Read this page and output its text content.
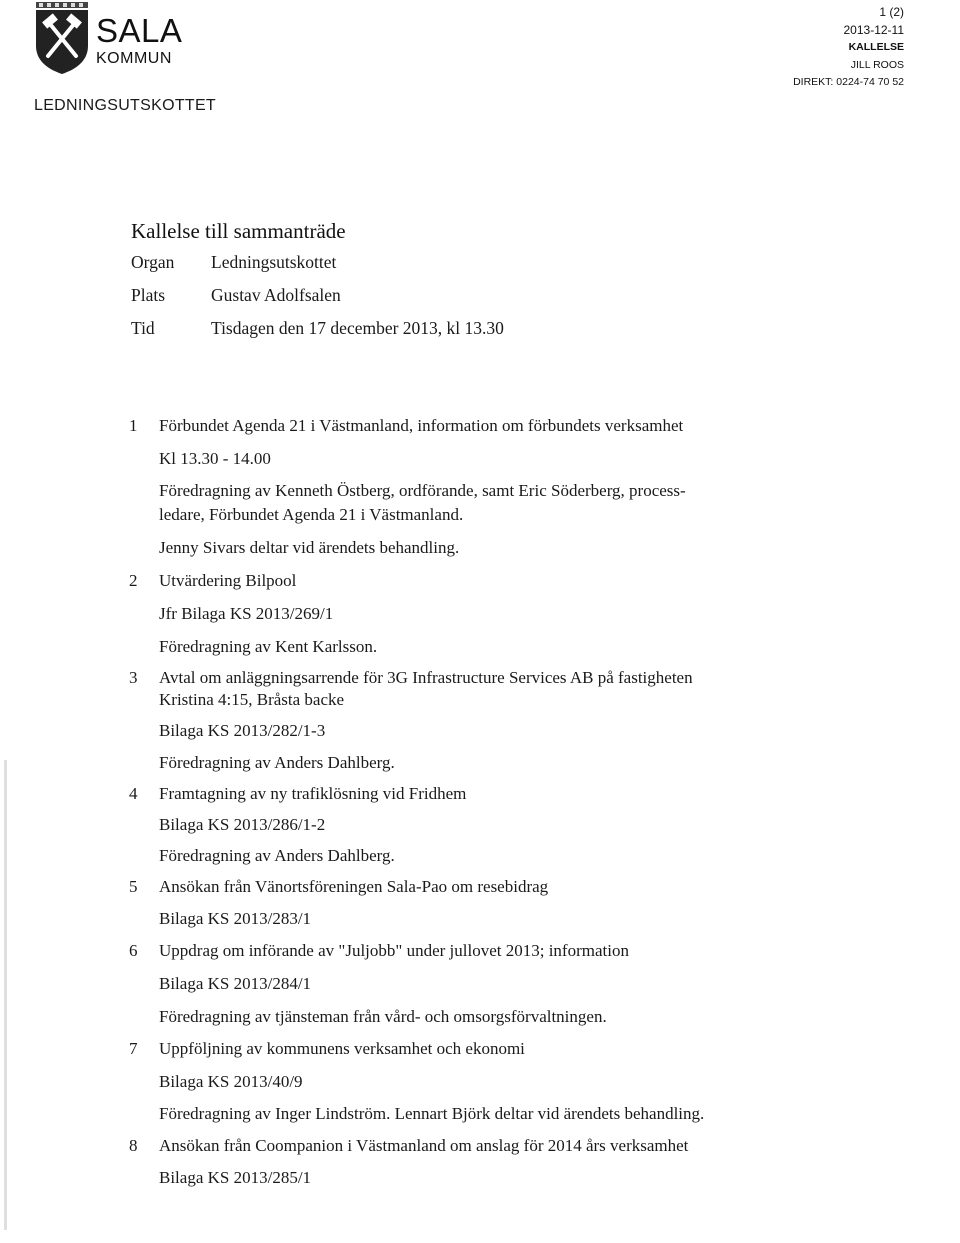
SALA
KOMMUN
1 (2)
2013-12-11
KALLELSE
JILL ROOS
DIREKT: 0224-74 70 52
LEDNINGSUTSKOTTET
Kallelse till sammanträde
Organ Ledningsutskottet
Plats	Gustav Adolfsalen
Tid	Tisdagen den 17 december 2013, kl 13.30
1 Förbundet Agenda 21 i Västmanland, information om förbundets verksamhet
Kl 13.30 - 14.00
Föredragning av Kenneth Östberg, ordförande, samt Eric Söderberg, process-
ledare, Förbundet Agenda 21 i Västmanland.
Jenny Sivars deltar vid ärendets behandling.
2 Utvärdering Bilpool
Jfr Bilaga KS 2013/269/1
Föredragning av Kent Karlsson.
3 Avtal om anläggningsarrende för 3G Infrastructure Services AB på fastigheten
Kristina 4:15, Bråsta backe
Bilaga KS 2013/282/1-3
Föredragning av Anders Dahlberg.
4 Framtagning av ny trafiklösning vid Fridhem
Bilaga KS 2013/286/1-2
Föredragning av Anders Dahlberg.
5 Ansökan från Vänortsföreningen Sala-Pao om resebidrag
Bilaga KS 2013/283/1
6 Uppdrag om införande av "Juljobb" under jullovet 2013; information
Bilaga KS 2013/284/1
Föredragning av tjänsteman från vård- och omsorgsförvaltningen.
7 Uppföljning av kommunens verksamhet och ekonomi
Bilaga KS 2013/40/9
Föredragning av Inger Lindström. Lennart Björk deltar vid ärendets behandling.
8 Ansökan från Coompanion i Västmanland om anslag för 2014 års verksamhet
Bilaga KS 2013/285/1
